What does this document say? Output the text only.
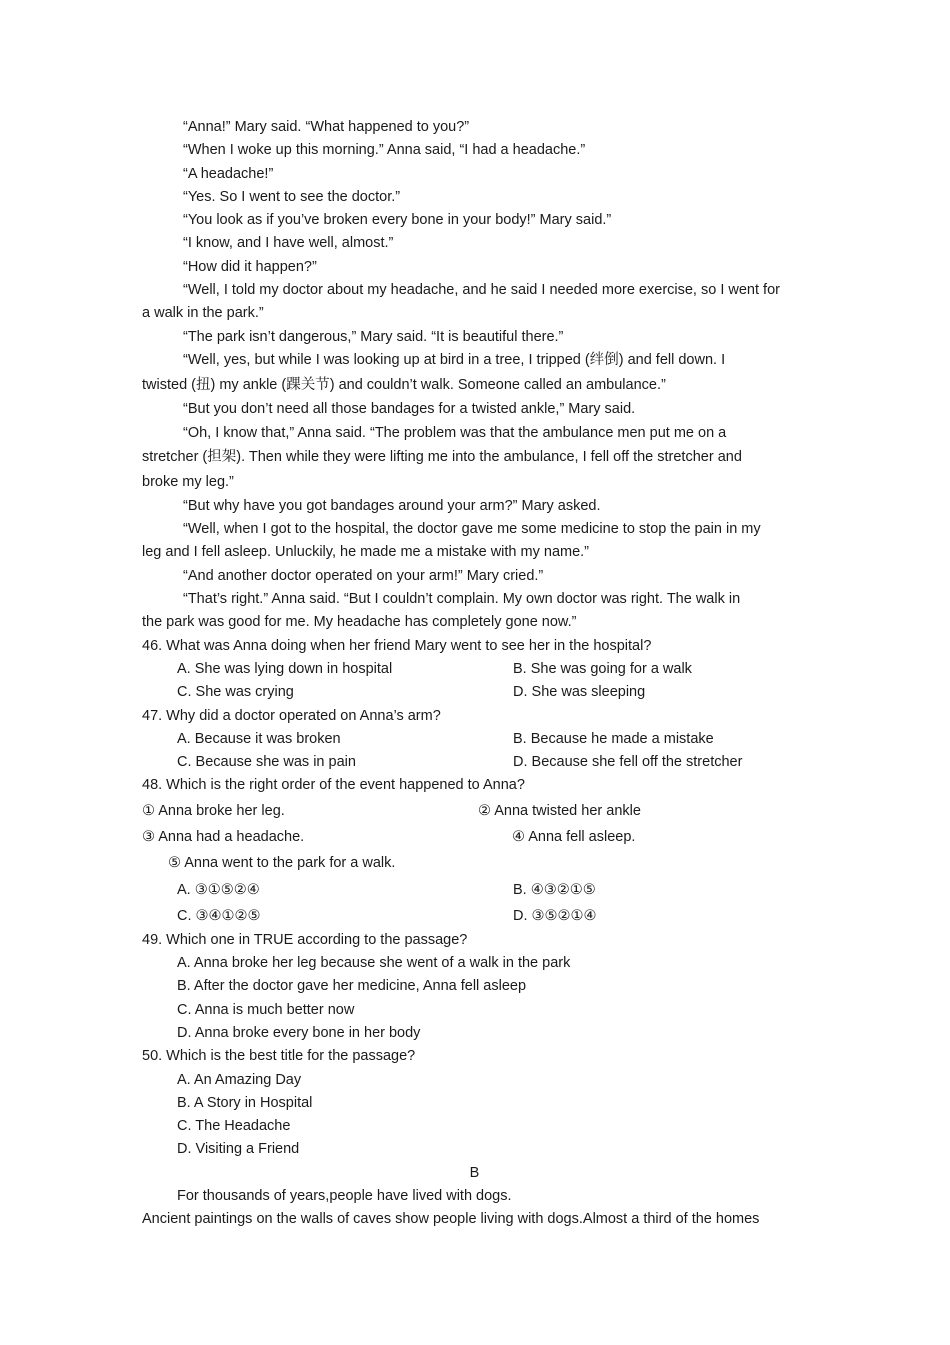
“Anna!” Mary said. “What happened to you?”
“When I woke up this morning.” Anna said, “I had a headache.”
“A headache!”
“Yes. So I went to see the doctor.”
“You look as if you’ve broken every bone in your body!” Mary said.”
“I know, and I have well, almost.”
“How did it happen?”
“Well, I told my doctor about my headache, and he said I needed more exercise, so I went for
a walk in the park.”
“The park isn’t dangerous,” Mary said. “It is beautiful there.”
“Well, yes, but while I was looking up at bird in a tree, I tripped (绊倒) and fell down. I
twisted (扭) my ankle (踝关节) and couldn’t walk. Someone called an ambulance.”
“But you don’t need all those bandages for a twisted ankle,” Mary said.
“Oh, I know that,” Anna said. “The problem was that the ambulance men put me on a
stretcher (担架). Then while they were lifting me into the ambulance, I fell off the stretcher and
broke my leg.”
“But why have you got bandages around your arm?” Mary asked.
“Well, when I got to the hospital, the doctor gave me some medicine to stop the pain in my
leg and I fell asleep. Unluckily, he made me a mistake with my name.”
“And another doctor operated on your arm!” Mary cried.”
“That’s right.” Anna said. “But I couldn’t complain. My own doctor was right. The walk in
the park was good for me. My headache has completely gone now.”
46. What was Anna doing when her friend Mary went to see her in the hospital?
A. She was lying down in hospital	B. She was going for a walk
C. She was crying	D. She was sleeping
47. Why did a doctor operated on Anna’s arm?
A. Because it was broken	B. Because he made a mistake
C. Because she was in pain	D. Because she fell off the stretcher
48. Which is the right order of the event happened to Anna?
① Anna broke her leg.	② Anna twisted her ankle
③ Anna had a headache.	④ Anna fell asleep.
⑤ Anna went to the park for a walk.
A. ③①⑤②④	B. ④③②①⑤
C. ③④①②⑤	D. ③⑤②①④
49. Which one in TRUE according to the passage?
A. Anna broke her leg because she went of a walk in the park
B. After the doctor gave her medicine, Anna fell asleep
C. Anna is much better now
D. Anna broke every bone in her body
50. Which is the best title for the passage?
A. An Amazing Day
B. A Story in Hospital
C. The Headache
D. Visiting a Friend
B
For thousands of years,people have lived with dogs.
Ancient paintings on the walls of caves show people living with dogs.Almost a third of the homes
